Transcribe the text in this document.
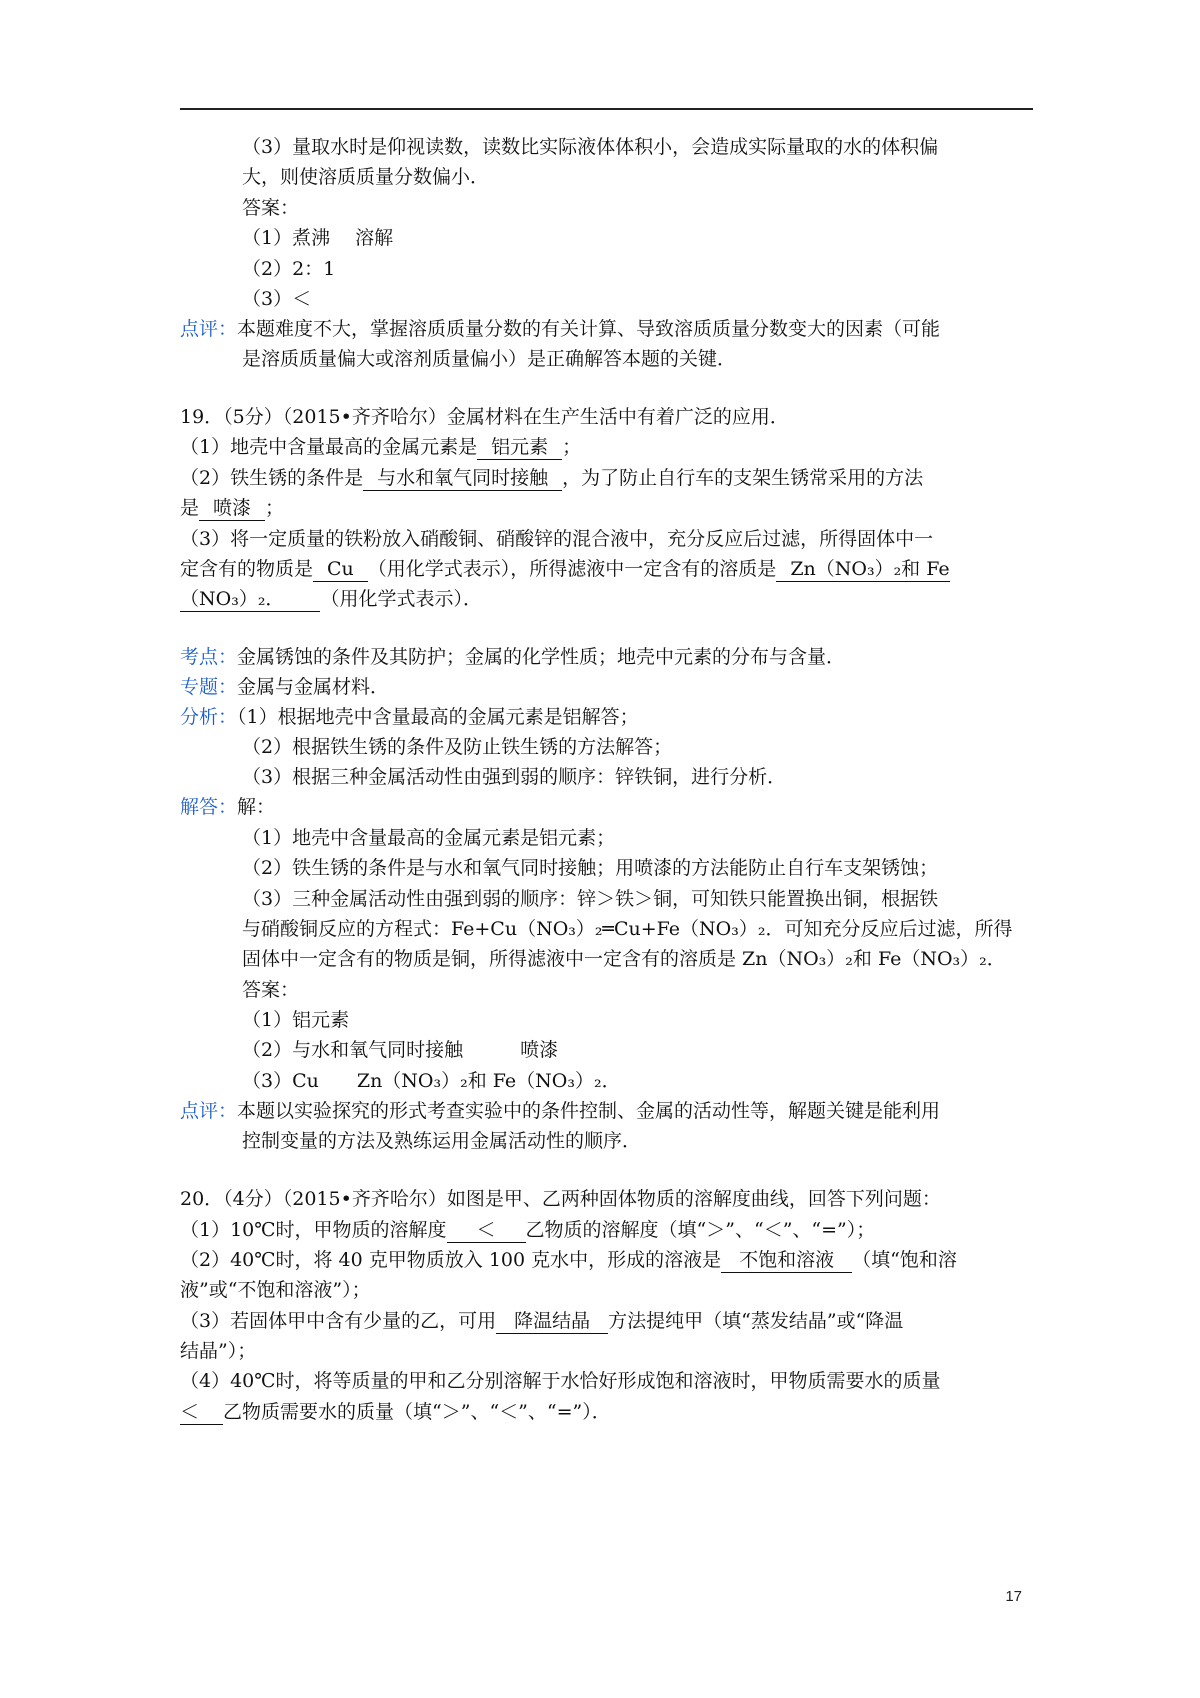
（3）量取水时是仰视读数，读数比实际液体体积小，会造成实际量取的水的体积偏
大，则使溶质质量分数偏小．
答案：
（1）煮沸　 溶解
（2）2：1
（3）＜
点评：本题难度不大，掌握溶质质量分数的有关计算、导致溶质质量分数变大的因素（可能
是溶质质量偏大或溶剂质量偏小）是正确解答本题的关键．
19．（5分）（2015•齐齐哈尔）金属材料在生产生活中有着广泛的应用．
（1）地壳中含量最高的金属元素是 铝元素 ；
（2）铁生锈的条件是 与水和氧气同时接触 ，为了防止自行车的支架生锈常采用的方法
是 喷漆 ；
（3）将一定质量的铁粉放入硝酸铜、硝酸锌的混合液中，充分反应后过滤，所得固体中一
定含有的物质是 Cu （用化学式表示），所得滤液中一定含有的溶质是 Zn（NO₃）₂和 Fe
（NO₃）₂． （用化学式表示）．
考点：金属锈蚀的条件及其防护；金属的化学性质；地壳中元素的分布与含量．
专题：金属与金属材料．
分析：（1）根据地壳中含量最高的金属元素是铝解答；
（2）根据铁生锈的条件及防止铁生锈的方法解答；
（3）根据三种金属活动性由强到弱的顺序：锌铁铜，进行分析．
解答：解：
（1）地壳中含量最高的金属元素是铝元素；
（2）铁生锈的条件是与水和氧气同时接触；用喷漆的方法能防止自行车支架锈蚀；
（3）三种金属活动性由强到弱的顺序：锌＞铁＞铜，可知铁只能置换出铜，根据铁
与硝酸铜反应的方程式：Fe+Cu（NO₃）₂═Cu+Fe（NO₃）₂．可知充分反应后过滤，所得
固体中一定含有的物质是铜，所得滤液中一定含有的溶质是 Zn（NO₃）₂和 Fe（NO₃）₂．
答案：
（1）铝元素
（2）与水和氧气同时接触　　　喷漆
（3）Cu　　Zn（NO₃）₂和 Fe（NO₃）₂．
点评：本题以实验探究的形式考查实验中的条件控制、金属的活动性等，解题关键是能利用
控制变量的方法及熟练运用金属活动性的顺序．
20．（4分）（2015•齐齐哈尔）如图是甲、乙两种固体物质的溶解度曲线，回答下列问题：
（1）10℃时，甲物质的溶解度 ＜ 乙物质的溶解度（填“＞”、“＜”、“=”）；
（2）40℃时，将 40 克甲物质放入 100 克水中，形成的溶液是 不饱和溶液 （填“饱和溶
液”或“不饱和溶液”）；
（3）若固体甲中含有少量的乙，可用 降温结晶 方法提纯甲（填“蒸发结晶”或“降温
结晶”）；
（4）40℃时，将等质量的甲和乙分别溶解于水恰好形成饱和溶液时，甲物质需要水的质量
＜ 乙物质需要水的质量（填“＞”、“＜”、“=”）．
17
